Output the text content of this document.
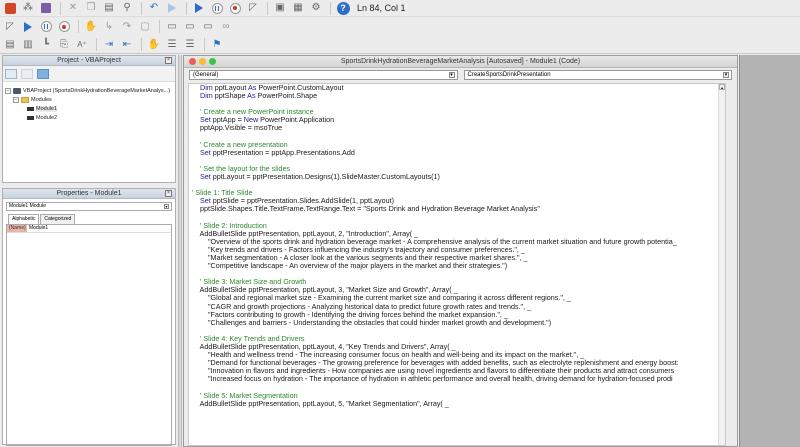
⁂	✕ ❐ ▤ ⚲	↶	◸	▣ ▦ ⚙	?	Ln 84, Col 1
◸	✋ ↳ ↷ ▢	▭ ▭ ▭ ∞
▤ ▥	┗	⎘	A⁺	⇥ ⇤	✋ ☰ ☰	⚑
Project - VBAProject	×
− VBAProject (SportsDrinkHydrationBeverageMarketAnalys...)
− Modules
Module1
Module2
Properties - Module1	×
Module1 Module	▾
Alphabetic	Categorized
(Name) Module1
SportsDrinkHydrationBeverageMarketAnalysis [Autosaved] - Module1 (Code)
(General)	▾	CreateSportsDrinkPresentation	▾
Dim pptLayout As PowerPoint.CustomLayout
Dim pptShape As PowerPoint.Shape
' Create a new PowerPoint instance
Set pptApp = New PowerPoint.Application
pptApp.Visible = msoTrue
' Create a new presentation
Set pptPresentation = pptApp.Presentations.Add
' Set the layout for the slides
Set pptLayout = pptPresentation.Designs(1).SlideMaster.CustomLayouts(1)
' Slide 1: Title Slide
Set pptSlide = pptPresentation.Slides.AddSlide(1, pptLayout)
pptSlide.Shapes.Title.TextFrame.TextRange.Text = "Sports Drink and Hydration Beverage Market Analysis"
' Slide 2: Introduction
AddBulletSlide pptPresentation, pptLayout, 2, "Introduction", Array( _
"Overview of the sports drink and hydration beverage market - A comprehensive analysis of the current market situation and future growth potentia_
"Key trends and drivers - Factors influencing the industry's trajectory and consumer preferences.", _
"Market segmentation - A closer look at the various segments and their respective market shares.", _
"Competitive landscape - An overview of the major players in the market and their strategies.")
' Slide 3: Market Size and Growth
AddBulletSlide pptPresentation, pptLayout, 3, "Market Size and Growth", Array( _
"Global and regional market size - Examining the current market size and comparing it across different regions.", _
"CAGR and growth projections - Analyzing historical data to predict future growth rates and trends.", _
"Factors contributing to growth - Identifying the driving forces behind the market expansion.", _
"Challenges and barriers - Understanding the obstacles that could hinder market growth and development.")
' Slide 4: Key Trends and Drivers
AddBulletSlide pptPresentation, pptLayout, 4, "Key Trends and Drivers", Array( _
"Health and wellness trend - The increasing consumer focus on health and well-being and its impact on the market.", _
"Demand for functional beverages - The growing preference for beverages with added benefits, such as electrolyte replenishment and energy boost:
"Innovation in flavors and ingredients - How companies are using novel ingredients and flavors to differentiate their products and attract consumers
"Increased focus on hydration - The importance of hydration in athletic performance and overall health, driving demand for hydration-focused prodi
' Slide 5: Market Segmentation
AddBulletSlide pptPresentation, pptLayout, 5, "Market Segmentation", Array( _
▴
